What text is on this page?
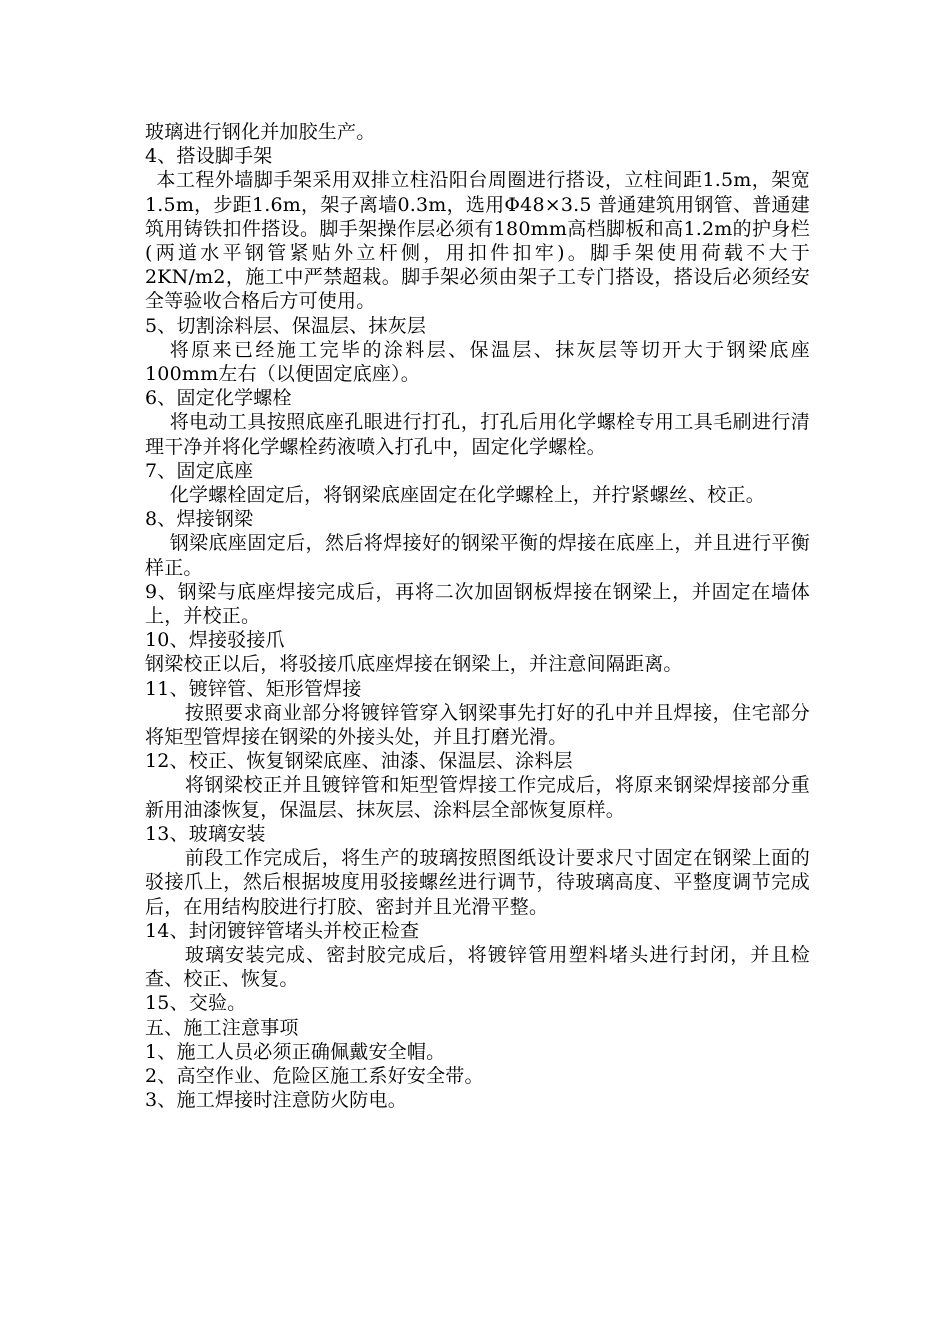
玻璃进行钢化并加胶生产。

4、搭设脚手架

本工程外墙脚手架采用双排立柱沿阳台周圈进行搭设，立柱间距1.5m，架宽1.5m，步距1.6m，架子离墙0.3m，选用Φ48×3.5 普通建筑用钢管、普通建筑用铸铁扣件搭设。脚手架操作层必须有180mm高档脚板和高1.2m的护身栏(两道水平钢管紧贴外立杆侧，用扣件扣牢)。脚手架使用荷载不大于2KN/m2，施工中严禁超栽。脚手架必须由架子工专门搭设，搭设后必须经安全等验收合格后方可使用。

5、切割涂料层、保温层、抹灰层

将原来已经施工完毕的涂料层、保温层、抹灰层等切开大于钢梁底座100mm左右（以便固定底座）。

6、固定化学螺栓

将电动工具按照底座孔眼进行打孔，打孔后用化学螺栓专用工具毛刷进行清理干净并将化学螺栓药液喷入打孔中，固定化学螺栓。

7、固定底座

化学螺栓固定后，将钢梁底座固定在化学螺栓上，并拧紧螺丝、校正。

8、焊接钢梁

钢梁底座固定后，然后将焊接好的钢梁平衡的焊接在底座上，并且进行平衡样正。

9、钢梁与底座焊接完成后，再将二次加固钢板焊接在钢梁上，并固定在墙体上，并校正。

10、焊接驳接爪

钢梁校正以后，将驳接爪底座焊接在钢梁上，并注意间隔距离。

11、镀锌管、矩形管焊接

按照要求商业部分将镀锌管穿入钢梁事先打好的孔中并且焊接，住宅部分将矩型管焊接在钢梁的外接头处，并且打磨光滑。

12、校正、恢复钢梁底座、油漆、保温层、涂料层

将钢梁校正并且镀锌管和矩型管焊接工作完成后，将原来钢梁焊接部分重新用油漆恢复，保温层、抹灰层、涂料层全部恢复原样。

13、玻璃安装

前段工作完成后，将生产的玻璃按照图纸设计要求尺寸固定在钢梁上面的驳接爪上，然后根据坡度用驳接螺丝进行调节，待玻璃高度、平整度调节完成后，在用结构胶进行打胶、密封并且光滑平整。

14、封闭镀锌管堵头并校正检查

玻璃安装完成、密封胶完成后，将镀锌管用塑料堵头进行封闭，并且检查、校正、恢复。

15、交验。

五、施工注意事项

1、施工人员必须正确佩戴安全帽。

2、高空作业、危险区施工系好安全带。

3、施工焊接时注意防火防电。
